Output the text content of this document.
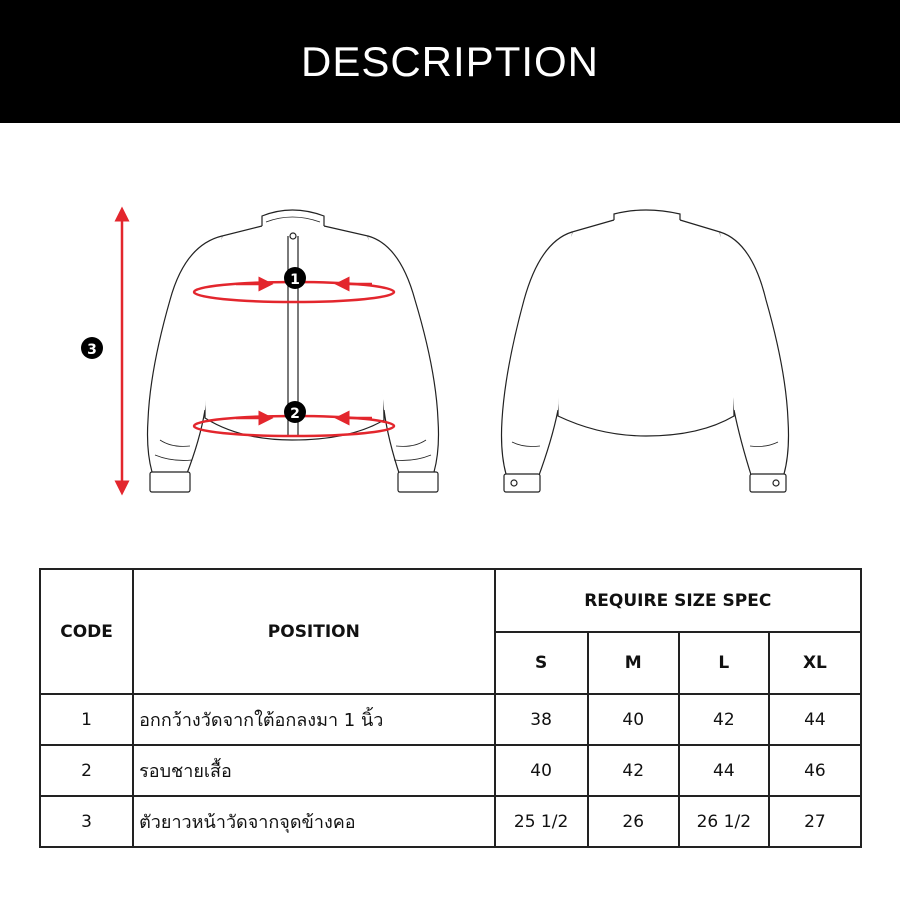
DESCRIPTION
1
2
3
CODE	POSITION	REQUIRE SIZE SPEC			
		S	M	L	XL
1	อกกว้างวัดจากใต้อกลงมา 1 นิ้ว	38	40	42	44
2	รอบชายเสื้อ	40	42	44	46
3	ตัวยาวหน้าวัดจากจุดข้างคอ	25 1/2	26	26 1/2	27
